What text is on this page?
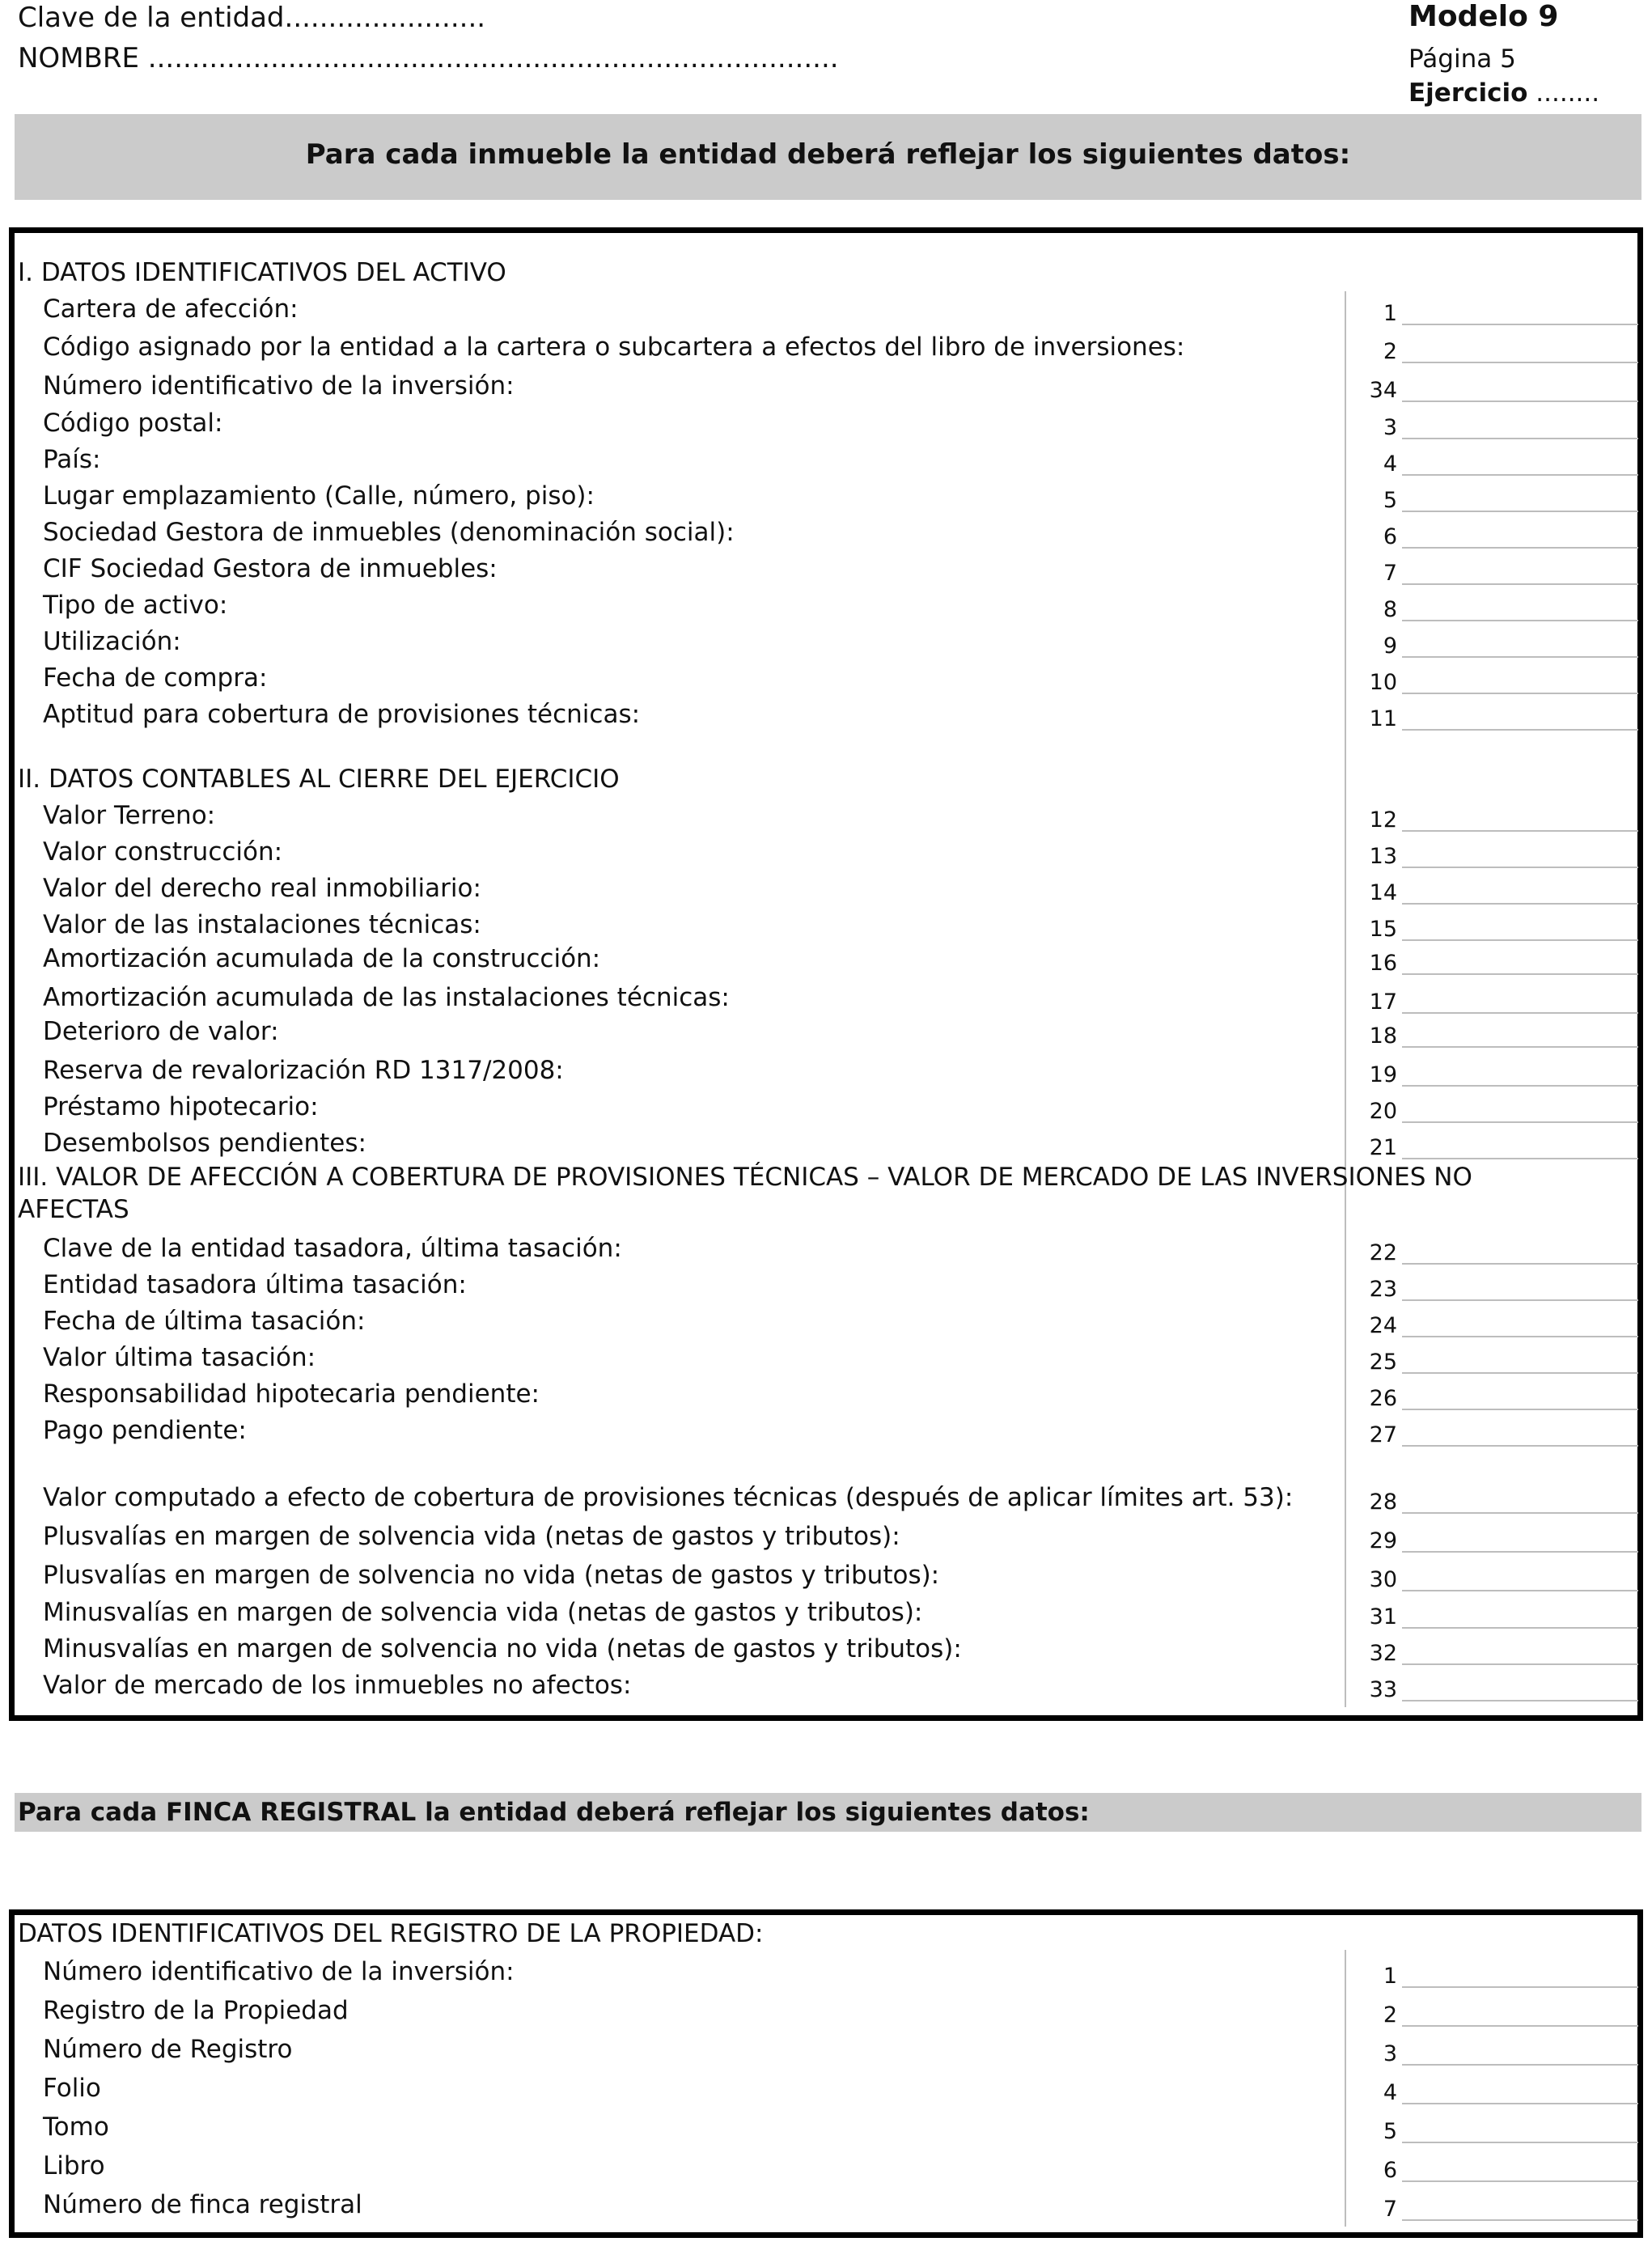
Clave de la entidad.......................
NOMBRE ...............................................................................
Modelo 9
Página 5
Ejercicio ........
Para cada inmueble la entidad deberá reflejar los siguientes datos:
I. DATOS IDENTIFICATIVOS DEL ACTIVO
Cartera de afección:	1
Código asignado por la entidad a la cartera o subcartera a efectos del libro de inversiones:	2
Número identificativo de la inversión:	34
Código postal:	3
País:	4
Lugar emplazamiento (Calle, número, piso):	5
Sociedad Gestora de inmuebles (denominación social):	6
CIF Sociedad Gestora de inmuebles:	7
Tipo de activo:	8
Utilización:	9
Fecha de compra:	10
Aptitud para cobertura de provisiones técnicas:	11
II. DATOS CONTABLES AL CIERRE DEL EJERCICIO
Valor Terreno:	12
Valor construcción:	13
Valor del derecho real inmobiliario:	14
Valor de las instalaciones técnicas:	15
Amortización acumulada de la construcción:	16
Amortización acumulada de las instalaciones técnicas:	17
Deterioro de valor:	18
Reserva de revalorización RD 1317/2008:	19
Préstamo hipotecario:	20
Desembolsos pendientes:	21
III. VALOR DE AFECCIÓN A COBERTURA DE PROVISIONES TÉCNICAS – VALOR DE MERCADO DE LAS INVERSIONES NO
AFECTAS
Clave de la entidad tasadora, última tasación:	22
Entidad tasadora última tasación:	23
Fecha de última tasación:	24
Valor última tasación:	25
Responsabilidad hipotecaria pendiente:	26
Pago pendiente:	27
Valor computado a efecto de cobertura de provisiones técnicas (después de aplicar límites art. 53):	28
Plusvalías en margen de solvencia vida (netas de gastos y tributos):	29
Plusvalías en margen de solvencia no vida (netas de gastos y tributos):	30
Minusvalías en margen de solvencia vida (netas de gastos y tributos):	31
Minusvalías en margen de solvencia no vida (netas de gastos y tributos):	32
Valor de mercado de los inmuebles no afectos:	33
Para cada FINCA REGISTRAL la entidad deberá reflejar los siguientes datos:
DATOS IDENTIFICATIVOS DEL REGISTRO DE LA PROPIEDAD:
Número identificativo de la inversión:	1
Registro de la Propiedad	2
Número de Registro	3
Folio	4
Tomo	5
Libro	6
Número de finca registral	7
